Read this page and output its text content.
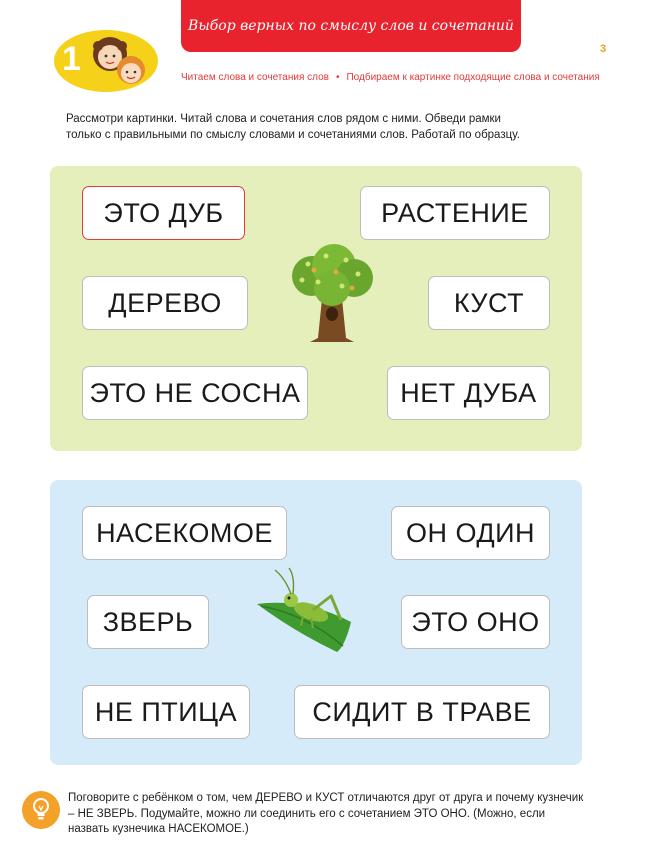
Выбор верных по смыслу слов и сочетаний
3
1	Читаем слова и сочетания слов • Подбираем к картинке подходящие слова и сочетания
Рассмотри картинки. Читай слова и сочетания слов рядом с ними. Обведи рамки только с правильными по смыслу словами и сочетаниями слов. Работай по образцу.
ЭТО ДУБ	РАСТЕНИЕ
ДЕРЕВО	КУСТ
ЭТО НЕ СОСНА	НЕТ ДУБА
НАСЕКОМОЕ	ОН ОДИН
ЗВЕРЬ	ЭТО ОНО
НЕ ПТИЦА	СИДИТ В ТРАВЕ
Поговорите с ребёнком о том, чем ДЕРЕВО и КУСТ отличаются друг от друга и почему кузнечик – НЕ ЗВЕРЬ. Подумайте, можно ли соединить его с сочетанием ЭТО ОНО. (Можно, если назвать кузнечика НАСЕКОМОЕ.)
